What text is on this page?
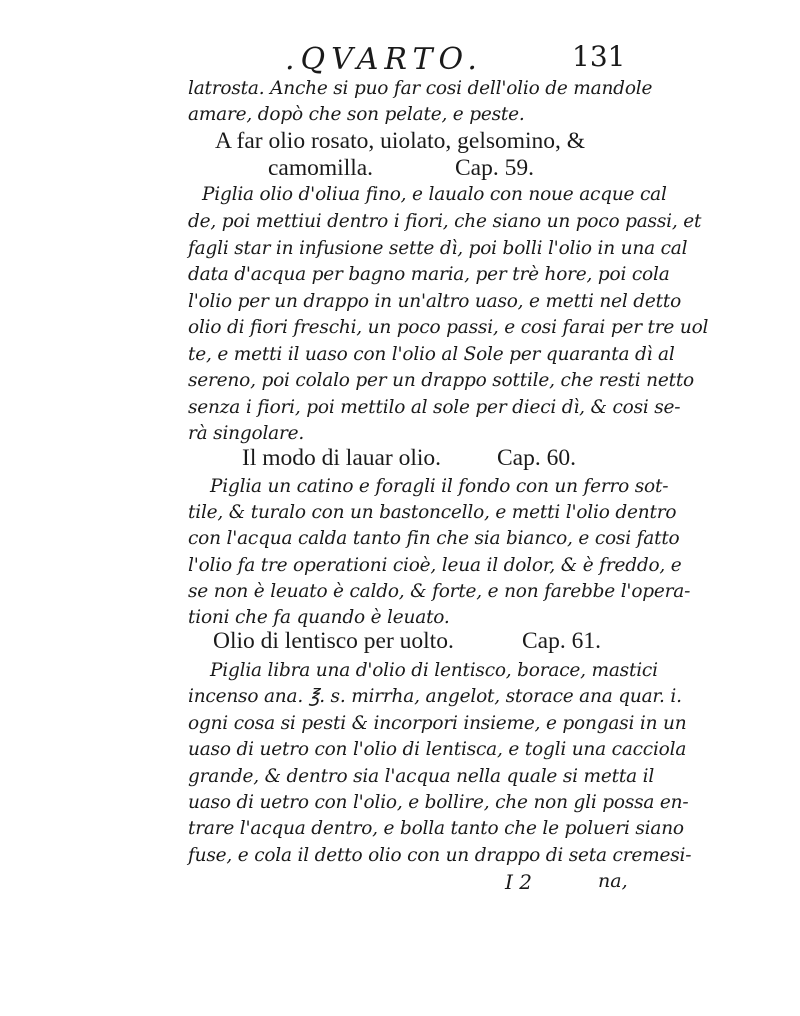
.QVARTO.	131
latrosta. Anche si puo far cosi dell'olio de mandole
amare, dopò che son pelate, e peste.
A far olio rosato, uiolato, gelsomino, &
camomilla.	Cap. 59.
Piglia olio d'oliua fino, e laualo con noue acque cal
de, poi mettiui dentro i fiori, che siano un poco passi, et
fagli star in infusione sette dì, poi bolli l'olio in una cal
data d'acqua per bagno maria, per trè hore, poi cola
l'olio per un drappo in un'altro uaso, e metti nel detto
olio di fiori freschi, un poco passi, e cosi farai per tre uol
te, e metti il uaso con l'olio al Sole per quaranta dì al
sereno, poi colalo per un drappo sottile, che resti netto
senza i fiori, poi mettilo al sole per dieci dì, & cosi se-
rà singolare.
Il modo di lauar olio. Cap. 60.
Piglia un catino e foragli il fondo con un ferro sot-
tile, & turalo con un bastoncello, e metti l'olio dentro
con l'acqua calda tanto fin che sia bianco, e cosi fatto
l'olio fa tre operationi cioè, leua il dolor, & è freddo, e
se non è leuato è caldo, & forte, e non farebbe l'opera-
tioni che fa quando è leuato.
Olio di lentisco per uolto.	Cap. 61.
Piglia libra una d'olio di lentisco, borace, mastici
incenso ana. ℥. s. mirrha, angelot, storace ana quar. i.
ogni cosa si pesti & incorpori insieme, e pongasi in un
uaso di uetro con l'olio di lentisca, e togli una cacciola
grande, & dentro sia l'acqua nella quale si metta il
uaso di uetro con l'olio, e bollire, che non gli possa en-
trare l'acqua dentro, e bolla tanto che le polueri siano
fuse, e cola il detto olio con un drappo di seta cremesi-
I 2	na,
